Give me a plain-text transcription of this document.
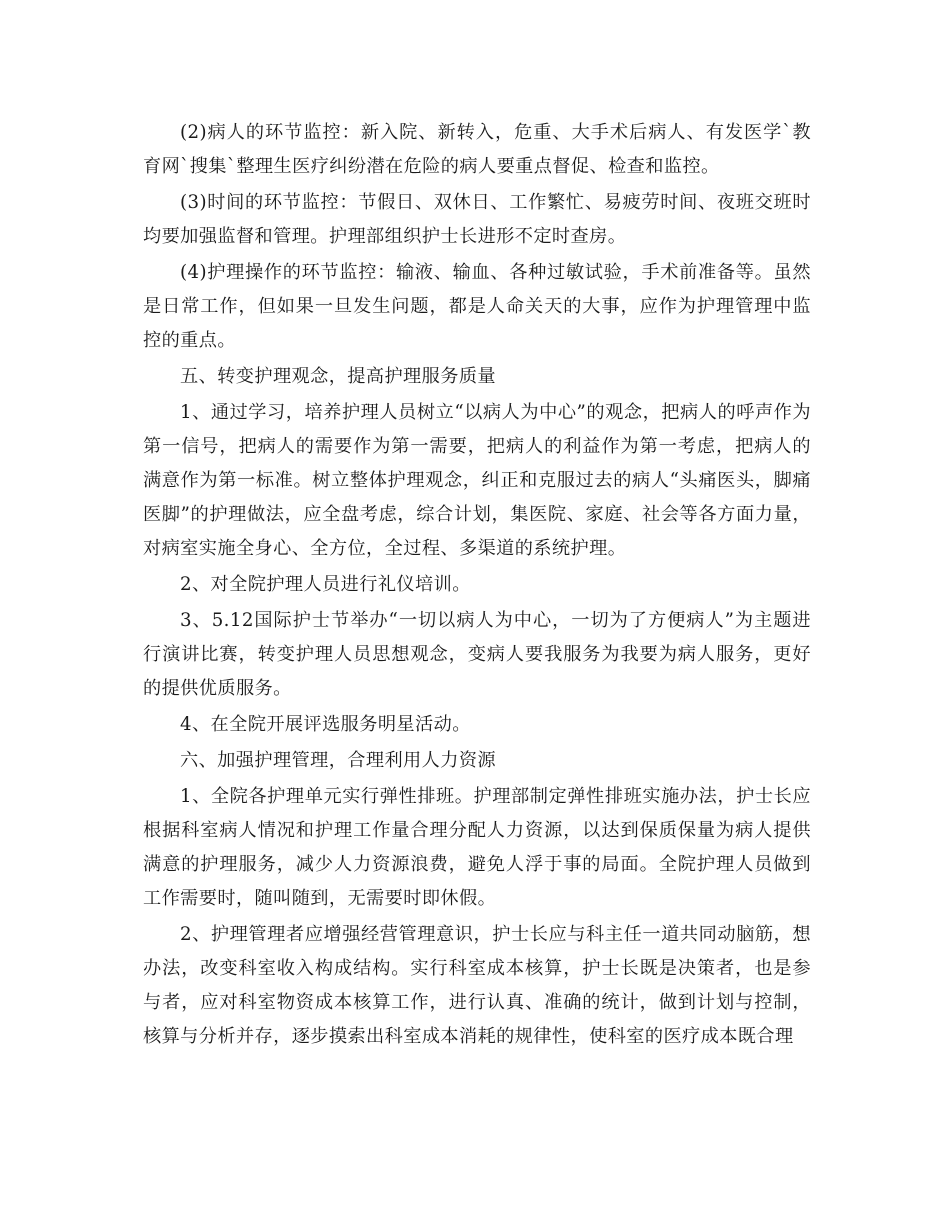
(2)病人的环节监控：新入院、新转入，危重、大手术后病人、有发医学`教育网`搜集`整理生医疗纠纷潜在危险的病人要重点督促、检查和监控。

(3)时间的环节监控：节假日、双休日、工作繁忙、易疲劳时间、夜班交班时均要加强监督和管理。护理部组织护士长进形不定时查房。

(4)护理操作的环节监控：输液、输血、各种过敏试验，手术前准备等。虽然是日常工作，但如果一旦发生问题，都是人命关天的大事，应作为护理管理中监控的重点。

五、转变护理观念，提高护理服务质量

1、通过学习，培养护理人员树立“以病人为中心”的观念，把病人的呼声作为第一信号，把病人的需要作为第一需要，把病人的利益作为第一考虑，把病人的满意作为第一标准。树立整体护理观念，纠正和克服过去的病人“头痛医头，脚痛医脚”的护理做法，应全盘考虑，综合计划，集医院、家庭、社会等各方面力量，对病室实施全身心、全方位，全过程、多渠道的系统护理。

2、对全院护理人员进行礼仪培训。

3、5.12国际护士节举办“一切以病人为中心，一切为了方便病人”为主题进行演讲比赛，转变护理人员思想观念，变病人要我服务为我要为病人服务，更好的提供优质服务。

4、在全院开展评选服务明星活动。

六、加强护理管理，合理利用人力资源

1、全院各护理单元实行弹性排班。护理部制定弹性排班实施办法，护士长应根据科室病人情况和护理工作量合理分配人力资源，以达到保质保量为病人提供满意的护理服务，减少人力资源浪费，避免人浮于事的局面。全院护理人员做到工作需要时，随叫随到，无需要时即休假。

2、护理管理者应增强经营管理意识，护士长应与科主任一道共同动脑筋，想办法，改变科室收入构成结构。实行科室成本核算，护士长既是决策者，也是参与者，应对科室物资成本核算工作，进行认真、准确的统计，做到计划与控制，核算与分析并存，逐步摸索出科室成本消耗的规律性，使科室的医疗成本既合理
